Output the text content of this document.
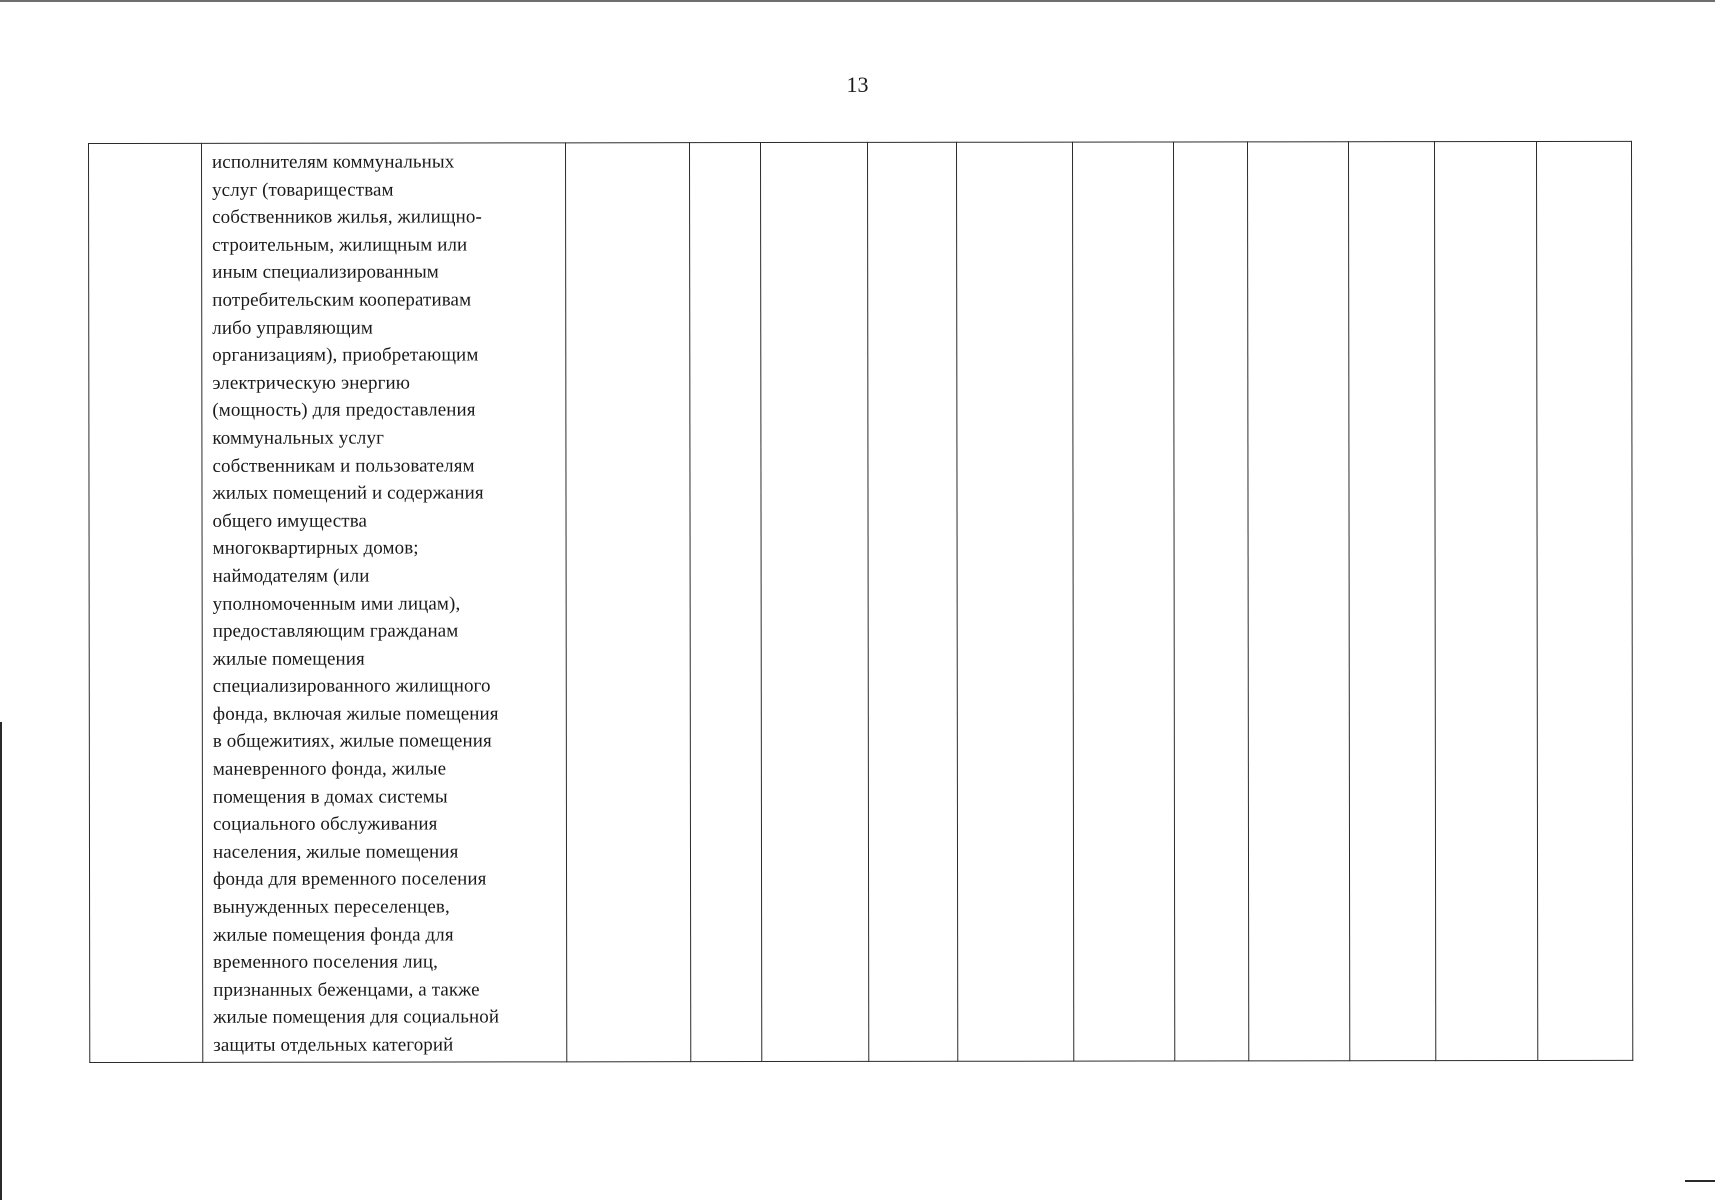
13

исполнителям коммунальных
услуг (товариществам
собственников жилья, жилищно-
строительным, жилищным или
иным специализированным
потребительским кооперативам
либо управляющим
организациям), приобретающим
электрическую энергию
(мощность) для предоставления
коммунальных услуг
собственникам и пользователям
жилых помещений и содержания
общего имущества
многоквартирных домов;
наймодателям (или
уполномоченным ими лицам),
предоставляющим гражданам
жилые помещения
специализированного жилищного
фонда, включая жилые помещения
в общежитиях, жилые помещения
маневренного фонда, жилые
помещения в домах системы
социального обслуживания
населения, жилые помещения
фонда для временного поселения
вынужденных переселенцев,
жилые помещения фонда для
временного поселения лиц,
признанных беженцами, а также
жилые помещения для социальной
защиты отдельных категорий
